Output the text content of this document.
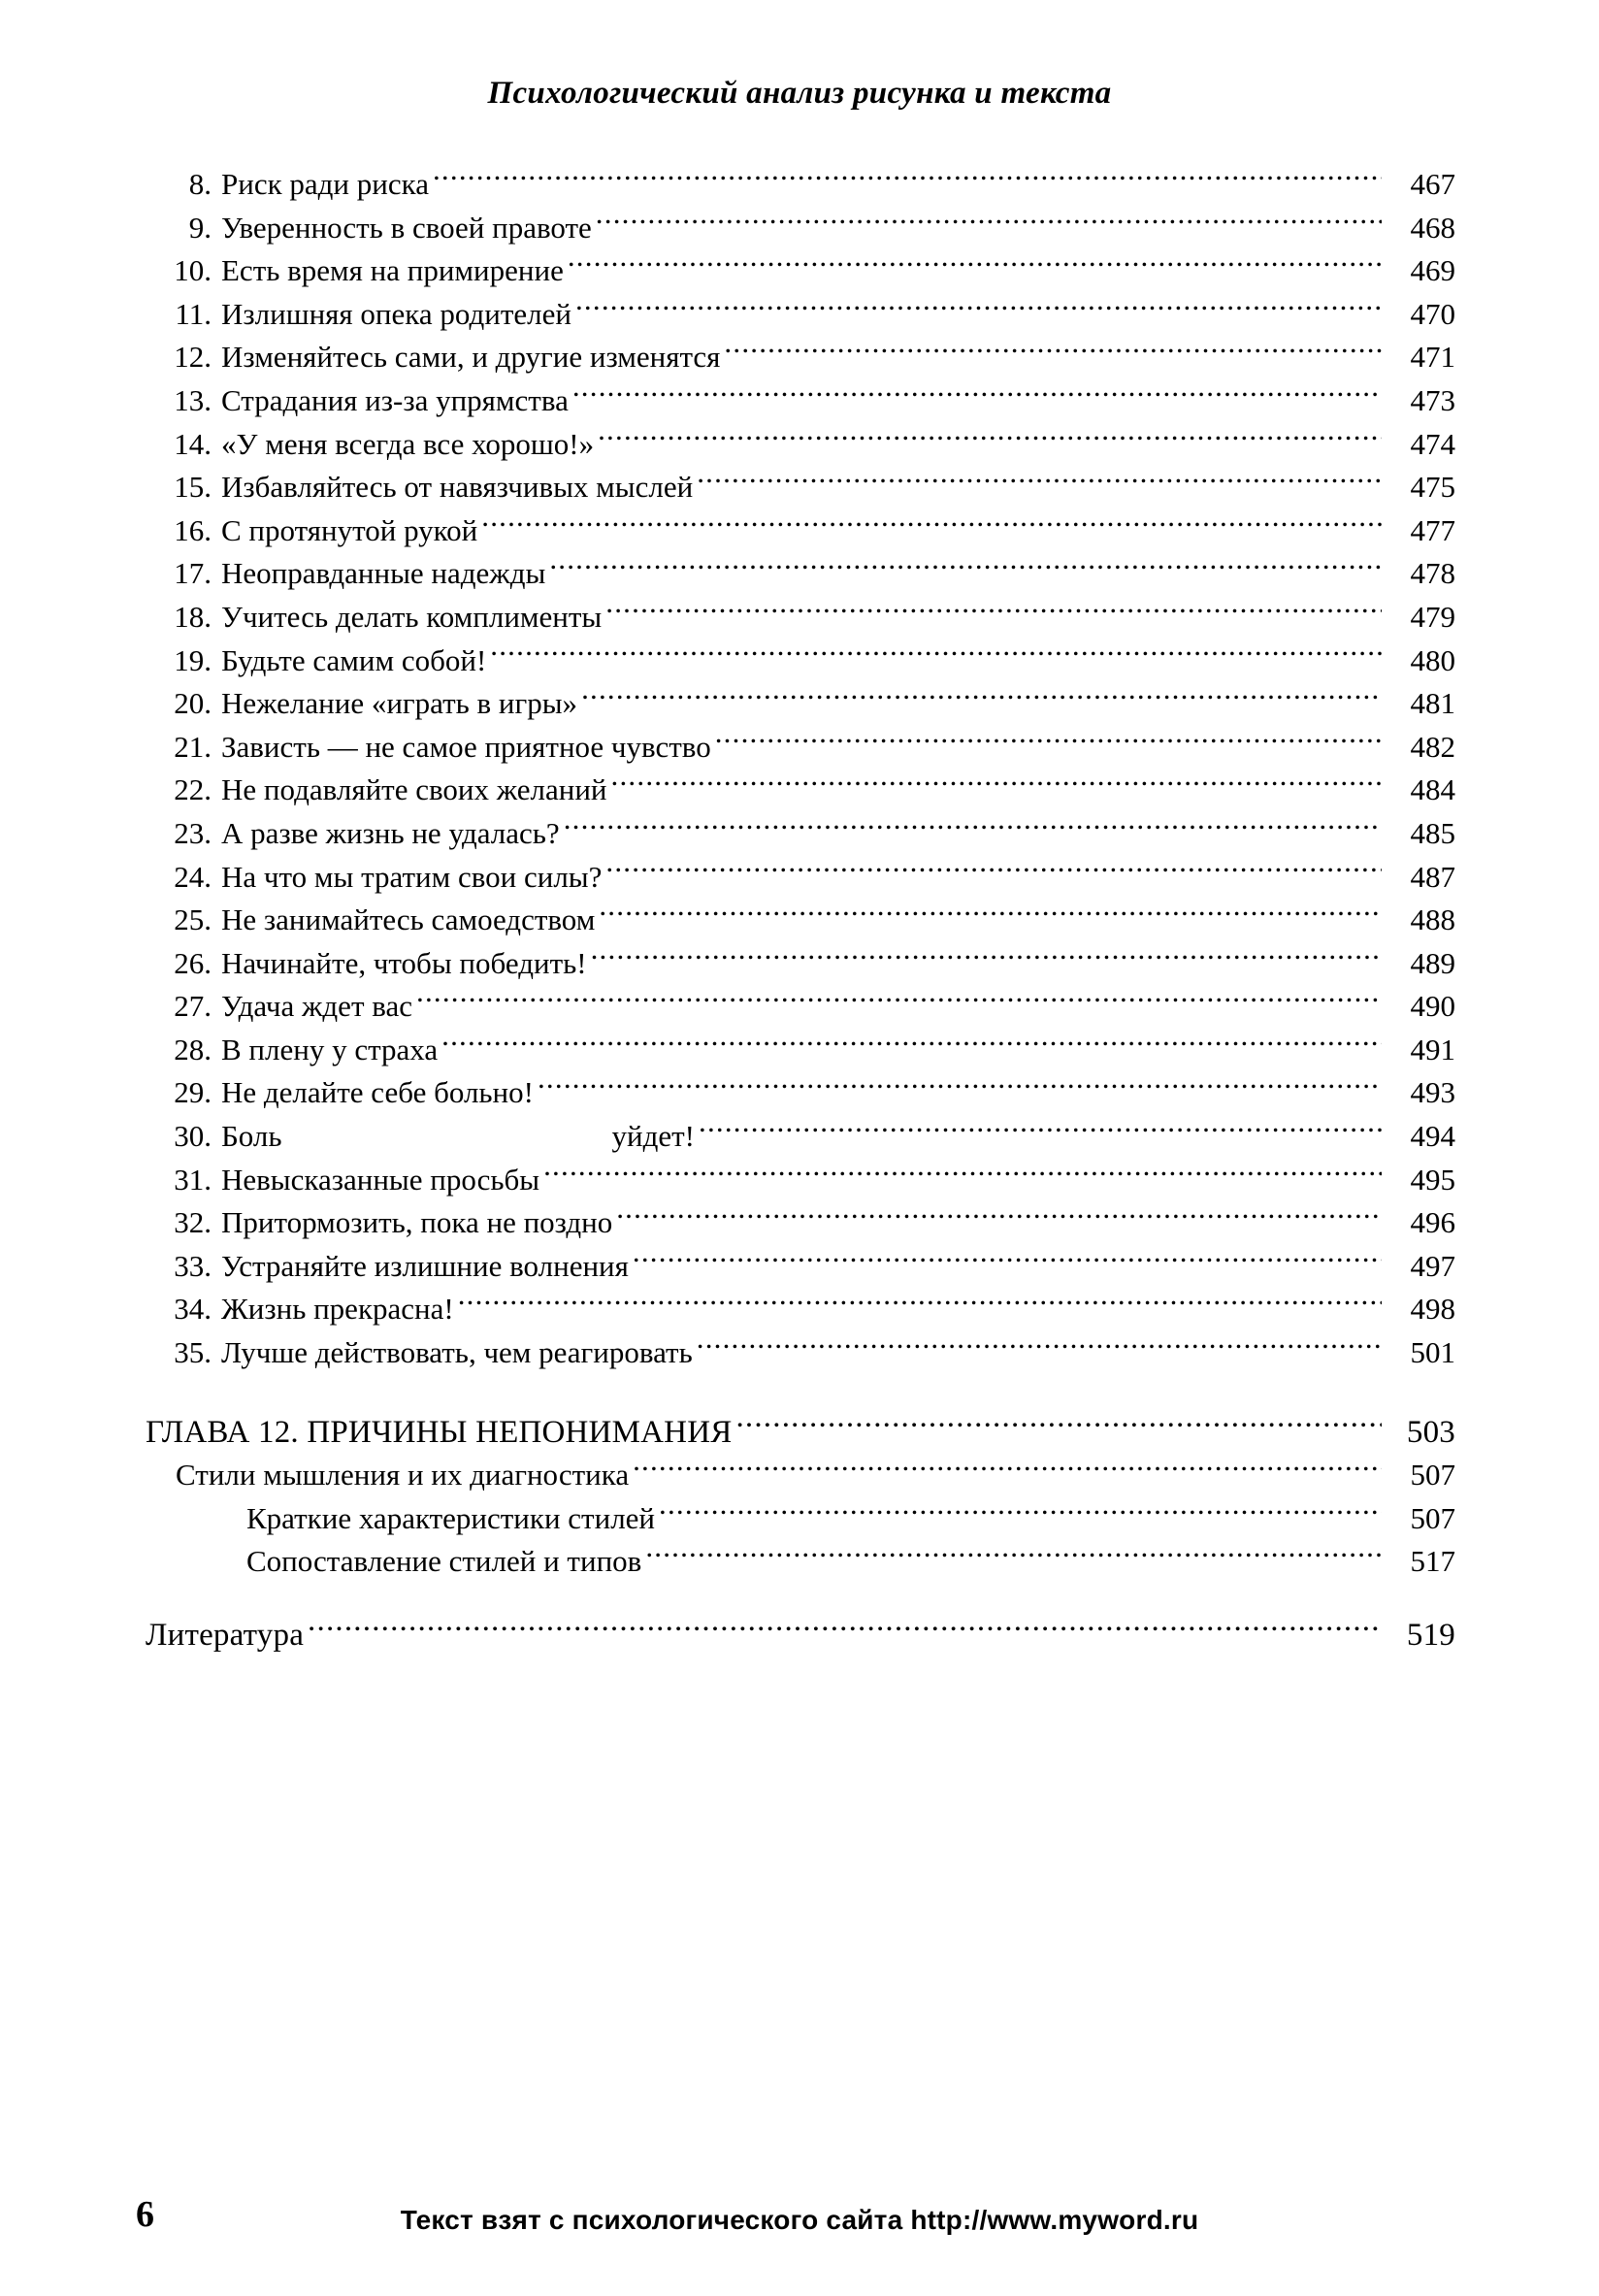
Психологический анализ рисунка и текста
8. Риск ради риска .....	467
9. Уверенность в своей правоте .....	468
10. Есть время на примирение .....	469
11. Излишняя опека родителей .....	470
12. Изменяйтесь сами, и другие изменятся .....	471
13. Страдания из-за упрямства .....	473
14. «У меня всегда все хорошо!» .....	474
15. Избавляйтесь от навязчивых мыслей .....	475
16. С протянутой рукой .....	477
17. Неоправданные надежды .....	478
18. Учитесь делать комплименты .....	479
19. Будьте самим собой! .....	480
20. Нежелание «играть в игры» .....	481
21. Зависть — не самое приятное чувство .....	482
22. Не подавляйте своих желаний .....	484
23. А разве жизнь не удалась? .....	485
24. На что мы тратим свои силы? .....	487
25. Не занимайтесь самоедством .....	488
26. Начинайте, чтобы победить! .....	489
27. Удача ждет вас .....	490
28. В плену у страха .....	491
29. Не делайте себе больно! .....	493
30. Боль	уйдет! .....	494
31. Невысказанные просьбы .....	495
32. Притормозить, пока не поздно .....	496
33. Устраняйте излишние волнения .....	497
34. Жизнь прекрасна! .....	498
35. Лучше действовать, чем реагировать .....	501
ГЛАВА 12. ПРИЧИНЫ НЕПОНИМАНИЯ .....	503
Стили мышления и их диагностика .....	507
Краткие характеристики стилей .....	507
Сопоставление стилей и типов .....	517
Литература .....	519
6	Текст взят с психологического сайта http://www.myword.ru
